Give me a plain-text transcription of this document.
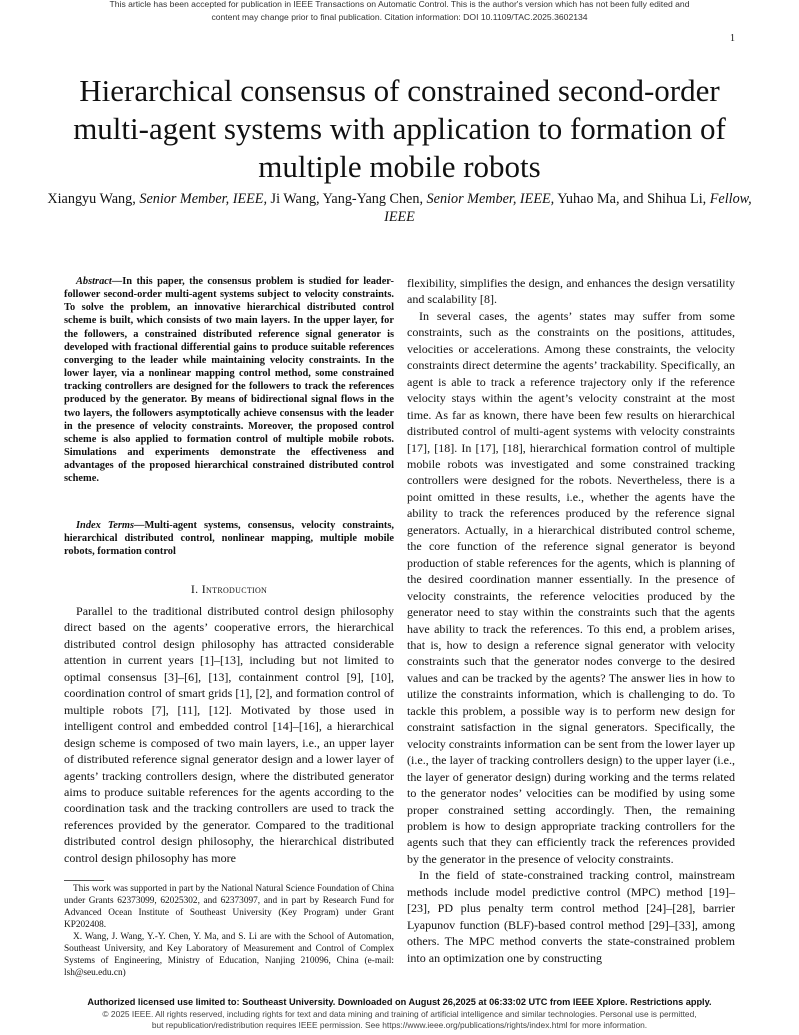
This article has been accepted for publication in IEEE Transactions on Automatic Control. This is the author's version which has not been fully edited and
content may change prior to final publication. Citation information: DOI 10.1109/TAC.2025.3602134
1
Hierarchical consensus of constrained second-order multi-agent systems with application to formation of multiple mobile robots
Xiangyu Wang, Senior Member, IEEE, Ji Wang, Yang-Yang Chen, Senior Member, IEEE, Yuhao Ma, and Shihua Li, Fellow, IEEE
Abstract—In this paper, the consensus problem is studied for leader-follower second-order multi-agent systems subject to velocity constraints. To solve the problem, an innovative hierarchical distributed control scheme is built, which consists of two main layers. In the upper layer, for the followers, a constrained distributed reference signal generator is developed with fractional differential gains to produce suitable references converging to the leader while maintaining velocity constraints. In the lower layer, via a nonlinear mapping control method, some constrained tracking controllers are designed for the followers to track the references produced by the generator. By means of bidirectional signal flows in the two layers, the followers asymptotically achieve consensus with the leader in the presence of velocity constraints. Moreover, the proposed control scheme is also applied to formation control of multiple mobile robots. Simulations and experiments demonstrate the effectiveness and advantages of the proposed hierarchical constrained distributed control scheme.
Index Terms—Multi-agent systems, consensus, velocity constraints, hierarchical distributed control, nonlinear mapping, multiple mobile robots, formation control
I. Introduction

Parallel to the traditional distributed control design philosophy direct based on the agents’ cooperative errors, the hierarchical distributed control design philosophy has attracted considerable attention in current years [1]–[13], including but not limited to optimal consensus [3]–[6], [13], containment control [9], [10], coordination control of smart grids [1], [2], and formation control of multiple robots [7], [11], [12]. Motivated by those used in intelligent control and embedded control [14]–[16], a hierarchical design scheme is composed of two main layers, i.e., an upper layer of distributed reference signal generator design and a lower layer of agents’ tracking controllers design, where the distributed generator aims to produce suitable references for the agents according to the coordination task and the tracking controllers are used to track the references provided by the generator. Compared to the traditional distributed control design philosophy, the hierarchical distributed control design philosophy has more

This work was supported in part by the National Natural Science Foundation of China under Grants 62373099, 62025302, and 62373097, and in part by Research Fund for Advanced Ocean Institute of Southeast University (Key Program) under Grant KP202408.

X. Wang, J. Wang, Y.-Y. Chen, Y. Ma, and S. Li are with the School of Automation, Southeast University, and Key Laboratory of Measurement and Control of Complex Systems of Engineering, Ministry of Education, Nanjing 210096, China (e-mail: lsh@seu.edu.cn)

flexibility, simplifies the design, and enhances the design versatility and scalability [8].

In several cases, the agents’ states may suffer from some constraints, such as the constraints on the positions, attitudes, velocities or accelerations. Among these constraints, the velocity constraints direct determine the agents’ trackability. Specifically, an agent is able to track a reference trajectory only if the reference velocity stays within the agent’s velocity constraint at the most time. As far as known, there have been few results on hierarchical distributed control of multi-agent systems with velocity constraints [17], [18]. In [17], [18], hierarchical formation control of multiple mobile robots was investigated and some constrained tracking controllers were designed for the robots. Nevertheless, there is a point omitted in these results, i.e., whether the agents have the ability to track the references produced by the reference signal generators. Actually, in a hierarchical distributed control scheme, the core function of the reference signal generator is beyond production of stable references for the agents, which is planning of the desired coordination manner essentially. In the presence of velocity constraints, the reference velocities produced by the generator need to stay within the constraints such that the agents have ability to track the references. To this end, a problem arises, that is, how to design a reference signal generator with velocity constraints such that the generator nodes converge to the desired values and can be tracked by the agents? The answer lies in how to utilize the constraints information, which is challenging to do. To tackle this problem, a possible way is to perform new design for constraint satisfaction in the signal generators. Specifically, the velocity constraints information can be sent from the lower layer up (i.e., the layer of tracking controllers design) to the upper layer (i.e., the layer of generator design) during working and the terms related to the generator nodes’ velocities can be modified by using some proper constrained setting accordingly. Then, the remaining problem is how to design appropriate tracking controllers for the agents such that they can efficiently track the references provided by the generator in the presence of velocity constraints.

In the field of state-constrained tracking control, mainstream methods include model predictive control (MPC) method [19]–[23], PD plus penalty term control method [24]–[28], barrier Lyapunov function (BLF)-based control method [29]–[33], among others. The MPC method converts the state-constrained problem into an optimization one by constructing

Authorized licensed use limited to: Southeast University. Downloaded on August 26,2025 at 06:33:02 UTC from IEEE Xplore. Restrictions apply.
© 2025 IEEE. All rights reserved, including rights for text and data mining and training of artificial intelligence and similar technologies. Personal use is permitted,
but republication/redistribution requires IEEE permission. See https://www.ieee.org/publications/rights/index.html for more information.
